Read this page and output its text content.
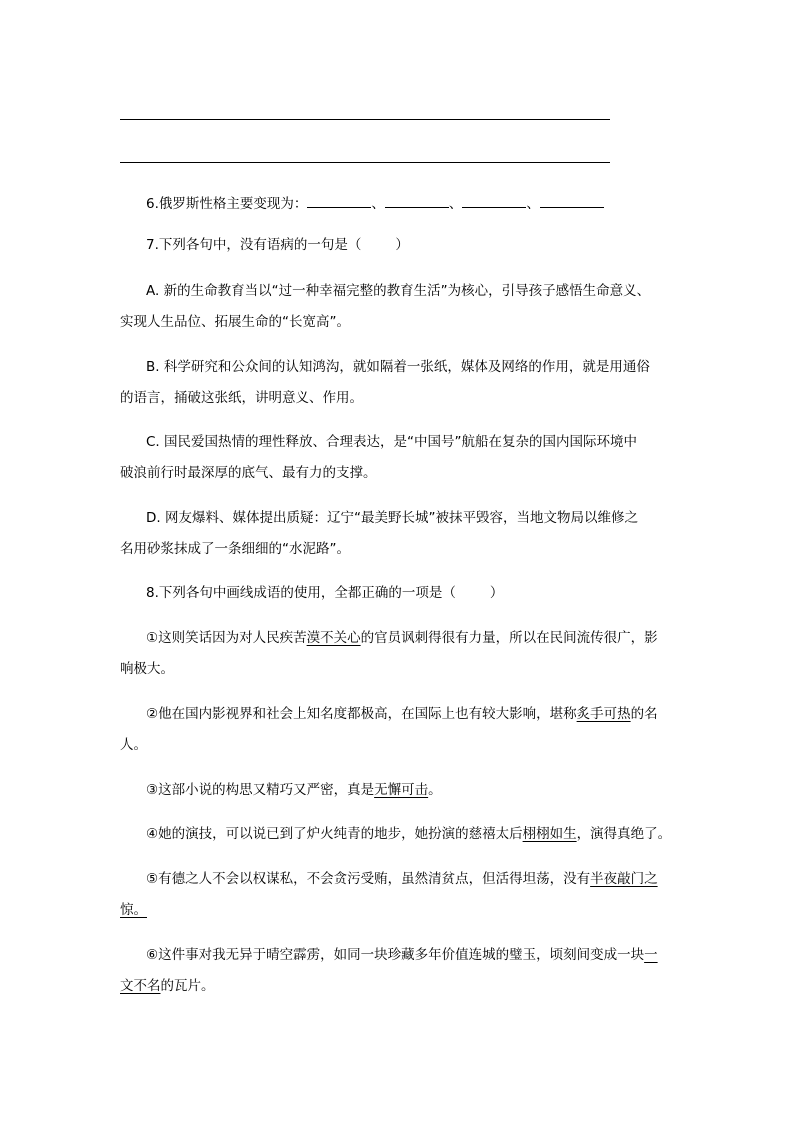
6.俄罗斯性格主要变现为：	、	、	、
7.下列各句中，没有语病的一句是（	）
A. 新的生命教育当以“过一种幸福完整的教育生活”为核心，引导孩子感悟生命意义、
实现人生品位、拓展生命的“长宽高”。
B. 科学研究和公众间的认知鸿沟，就如隔着一张纸，媒体及网络的作用，就是用通俗
的语言，捅破这张纸，讲明意义、作用。
C. 国民爱国热情的理性释放、合理表达，是“中国号”航船在复杂的国内国际环境中
破浪前行时最深厚的底气、最有力的支撑。
D. 网友爆料、媒体提出质疑：辽宁“最美野长城”被抹平毁容，当地文物局以维修之
名用砂浆抹成了一条细细的“水泥路”。
8.下列各句中画线成语的使用，全都正确的一项是（	）
①这则笑话因为对人民疾苦漠不关心的官员讽刺得很有力量，所以在民间流传很广，影
响极大。
②他在国内影视界和社会上知名度都极高，在国际上也有较大影响，堪称炙手可热的名
人。
③这部小说的构思又精巧又严密，真是无懈可击。
④她的演技，可以说已到了炉火纯青的地步，她扮演的慈禧太后栩栩如生，演得真绝了。
⑤有德之人不会以权谋私，不会贪污受贿，虽然清贫点，但活得坦荡，没有半夜敲门之
惊。
⑥这件事对我无异于晴空霹雳，如同一块珍藏多年价值连城的璧玉，顷刻间变成一块一
文不名的瓦片。
